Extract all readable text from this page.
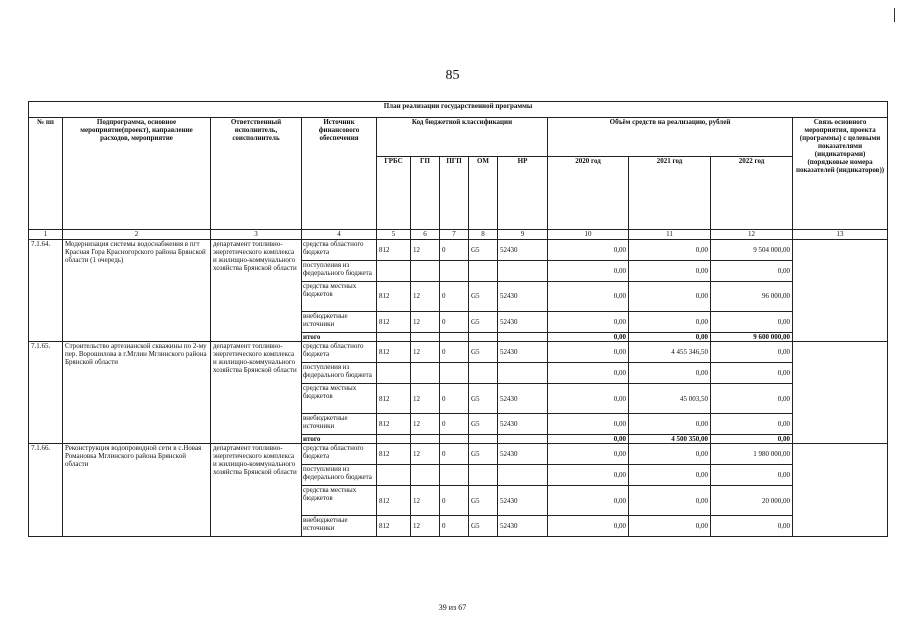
85
План реализации государственной программы												
№ пп	Подпрограмма, основное мероприятие(проект), направление расходов, мероприятие	Ответственный исполнитель, соисполнитель	Источник финансового обеспечения	Код бюджетной классификации					Объём средств на реализацию, рублей			Связь основного мероприятия, проекта (программы) с целевыми показателями (индикаторами) (порядковые номера показателей (индикаторов))
				ГРБС	ГП	ПГП	ОМ	НР	2020 год	2021 год	2022 год	
1	2	3	4	5	6	7	8	9	10	11	12	13
7.1.64.	Модернизация системы водоснабжения в пгт Красная Гора Красногорского района Брянской области (1 очередь)	департамент топливно-энергетического комплекса и жилищно-коммунального хозяйства Брянской области	средства областного бюджета	812	12	0	G5	52430	0,00	0,00	9 504 000,00	
			поступления из федерального бюджета						0,00	0,00	0,00	
			средства местных бюджетов	812	12	0	G5	52430	0,00	0,00	96 000,00	
			внебюджетные источники	812	12	0	G5	52430	0,00	0,00	0,00	
			итого						0,00	0,00	9 600 000,00	
7.1.65.	Строительство артезианской скважины по 2-му пер. Ворошилова в г.Мглин Мглинского района Брянской области	департамент топливно-энергетического комплекса и жилищно-коммунального хозяйства Брянской области	средства областного бюджета	812	12	0	G5	52430	0,00	4 455 346,50	0,00	
			поступления из федерального бюджета						0,00	0,00	0,00	
			средства местных бюджетов	812	12	0	G5	52430	0,00	45 003,50	0,00	
			внебюджетные источники	812	12	0	G5	52430	0,00	0,00	0,00	
			итого						0,00	4 500 350,00	0,00	
7.1.66.	Реконструкция водопроводной сети в с.Новая Романовка Мглинского района Брянской области	департамент топливно-энергетического комплекса и жилищно-коммунального хозяйства Брянской области	средства областного бюджета	812	12	0	G5	52430	0,00	0,00	1 980 000,00	
			поступления из федерального бюджета						0,00	0,00	0,00	
			средства местных бюджетов	812	12	0	G5	52430	0,00	0,00	20 000,00	
			внебюджетные источники	812	12	0	G5	52430	0,00	0,00	0,00	
39 из 67
